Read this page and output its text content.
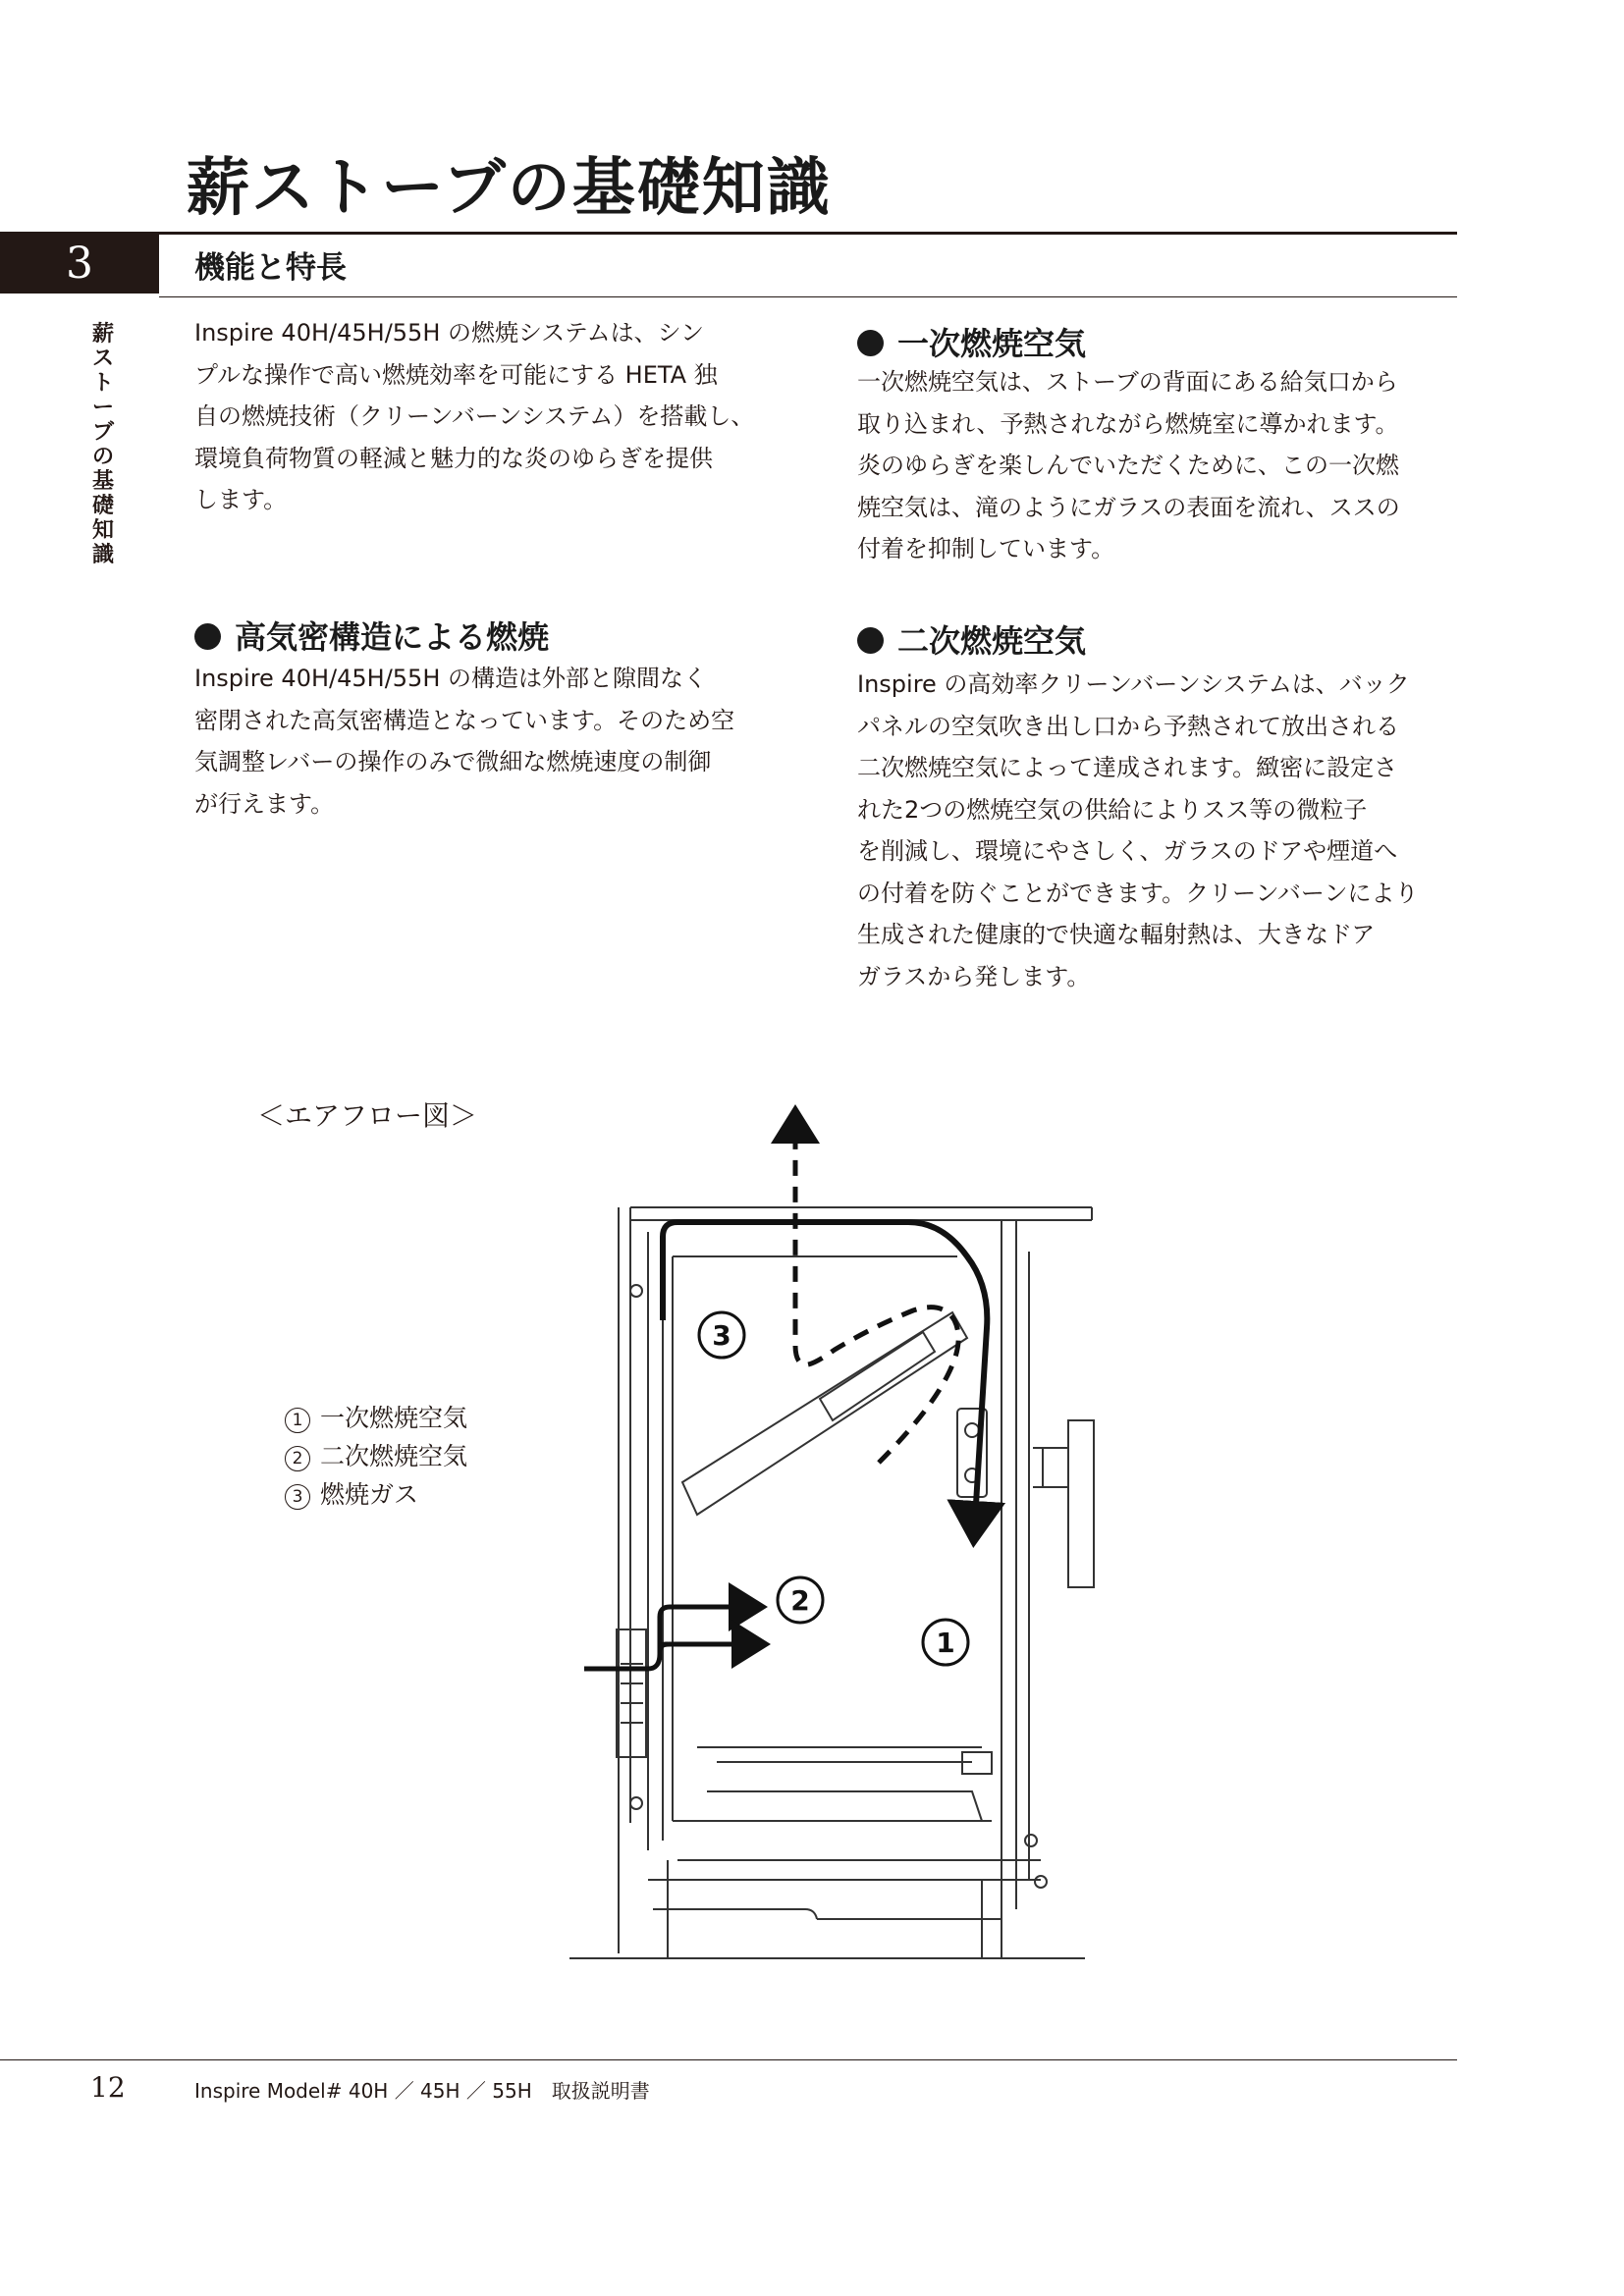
薪ストーブの基礎知識
3	機能と特長
薪
ス
ト
ー
ブ
の
基
礎
知
識
Inspire 40H/45H/55H の燃焼システムは、シン
プルな操作で高い燃焼効率を可能にする HETA 独
自の燃焼技術（クリーンバーンシステム）を搭載し、
環境負荷物質の軽減と魅力的な炎のゆらぎを提供
します。
高気密構造による燃焼
Inspire 40H/45H/55H の構造は外部と隙間なく
密閉された高気密構造となっています。そのため空
気調整レバーの操作のみで微細な燃焼速度の制御
が行えます。
一次燃焼空気
一次燃焼空気は、ストーブの背面にある給気口から
取り込まれ、予熱されながら燃焼室に導かれます。
炎のゆらぎを楽しんでいただくために、この一次燃
焼空気は、滝のようにガラスの表面を流れ、ススの
付着を抑制しています。
二次燃焼空気
Inspire の高効率クリーンバーンシステムは、バック
パネルの空気吹き出し口から予熱されて放出される
二次燃焼空気によって達成されます。緻密に設定さ
れた2つの燃焼空気の供給によりスス等の微粒子
を削減し、環境にやさしく、ガラスのドアや煙道へ
の付着を防ぐことができます。クリーンバーンにより
生成された健康的で快適な輻射熱は、大きなドア
ガラスから発します。
＜エアフロー図＞
1 一次燃焼空気
2 二次燃焼空気
3 燃焼ガス
1
2
3
12	Inspire Model# 40H ／ 45H ／ 55H　取扱説明書
